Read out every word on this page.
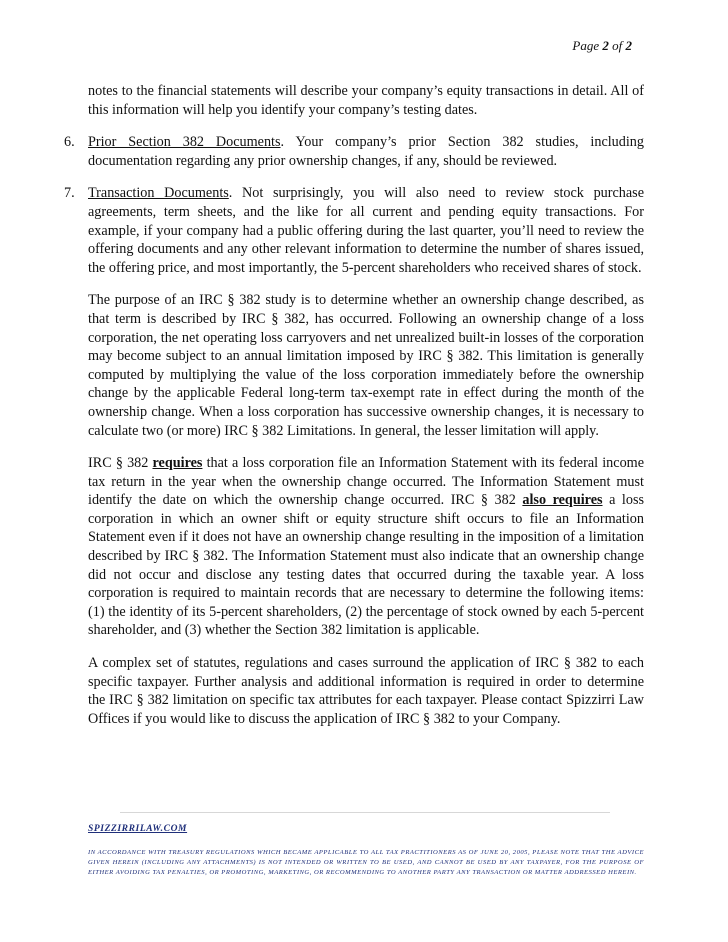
Page 2 of 2

notes to the financial statements will describe your company’s equity transactions in detail. All of this information will help you identify your company’s testing dates.

6. Prior Section 382 Documents. Your company’s prior Section 382 studies, including documentation regarding any prior ownership changes, if any, should be reviewed.
7. Transaction Documents. Not surprisingly, you will also need to review stock purchase agreements, term sheets, and the like for all current and pending equity transactions. For example, if your company had a public offering during the last quarter, you’ll need to review the offering documents and any other relevant information to determine the number of shares issued, the offering price, and most importantly, the 5-percent shareholders who received shares of stock.

The purpose of an IRC § 382 study is to determine whether an ownership change described, as that term is described by IRC § 382, has occurred. Following an ownership change of a loss corporation, the net operating loss carryovers and net unrealized built-in losses of the corporation may become subject to an annual limitation imposed by IRC § 382. This limitation is generally computed by multiplying the value of the loss corporation immediately before the ownership change by the applicable Federal long-term tax-exempt rate in effect during the month of the ownership change. When a loss corporation has successive ownership changes, it is necessary to calculate two (or more) IRC § 382 Limitations. In general, the lesser limitation will apply.

IRC § 382 requires that a loss corporation file an Information Statement with its federal income tax return in the year when the ownership change occurred. The Information Statement must identify the date on which the ownership change occurred. IRC § 382 also requires a loss corporation in which an owner shift or equity structure shift occurs to file an Information Statement even if it does not have an ownership change resulting in the imposition of a limitation described by IRC § 382. The Information Statement must also indicate that an ownership change did not occur and disclose any testing dates that occurred during the taxable year. A loss corporation is required to maintain records that are necessary to determine the following items: (1) the identity of its 5-percent shareholders, (2) the percentage of stock owned by each 5-percent shareholder, and (3) whether the Section 382 limitation is applicable.

A complex set of statutes, regulations and cases surround the application of IRC § 382 to each specific taxpayer. Further analysis and additional information is required in order to determine the IRC § 382 limitation on specific tax attributes for each taxpayer. Please contact Spizzirri Law Offices if you would like to discuss the application of IRC § 382 to your Company.

SPIZZIRRILAW.COM
IN ACCORDANCE WITH TREASURY REGULATIONS WHICH BECAME APPLICABLE TO ALL TAX PRACTITIONERS AS OF JUNE 20, 2005, PLEASE NOTE THAT THE ADVICE GIVEN HEREIN (INCLUDING ANY ATTACHMENTS) IS NOT INTENDED OR WRITTEN TO BE USED, AND CANNOT BE USED BY ANY TAXPAYER, FOR THE PURPOSE OF EITHER AVOIDING TAX PENALTIES, OR PROMOTING, MARKETING, OR RECOMMENDING TO ANOTHER PARTY ANY TRANSACTION OR MATTER ADDRESSED HEREIN.
